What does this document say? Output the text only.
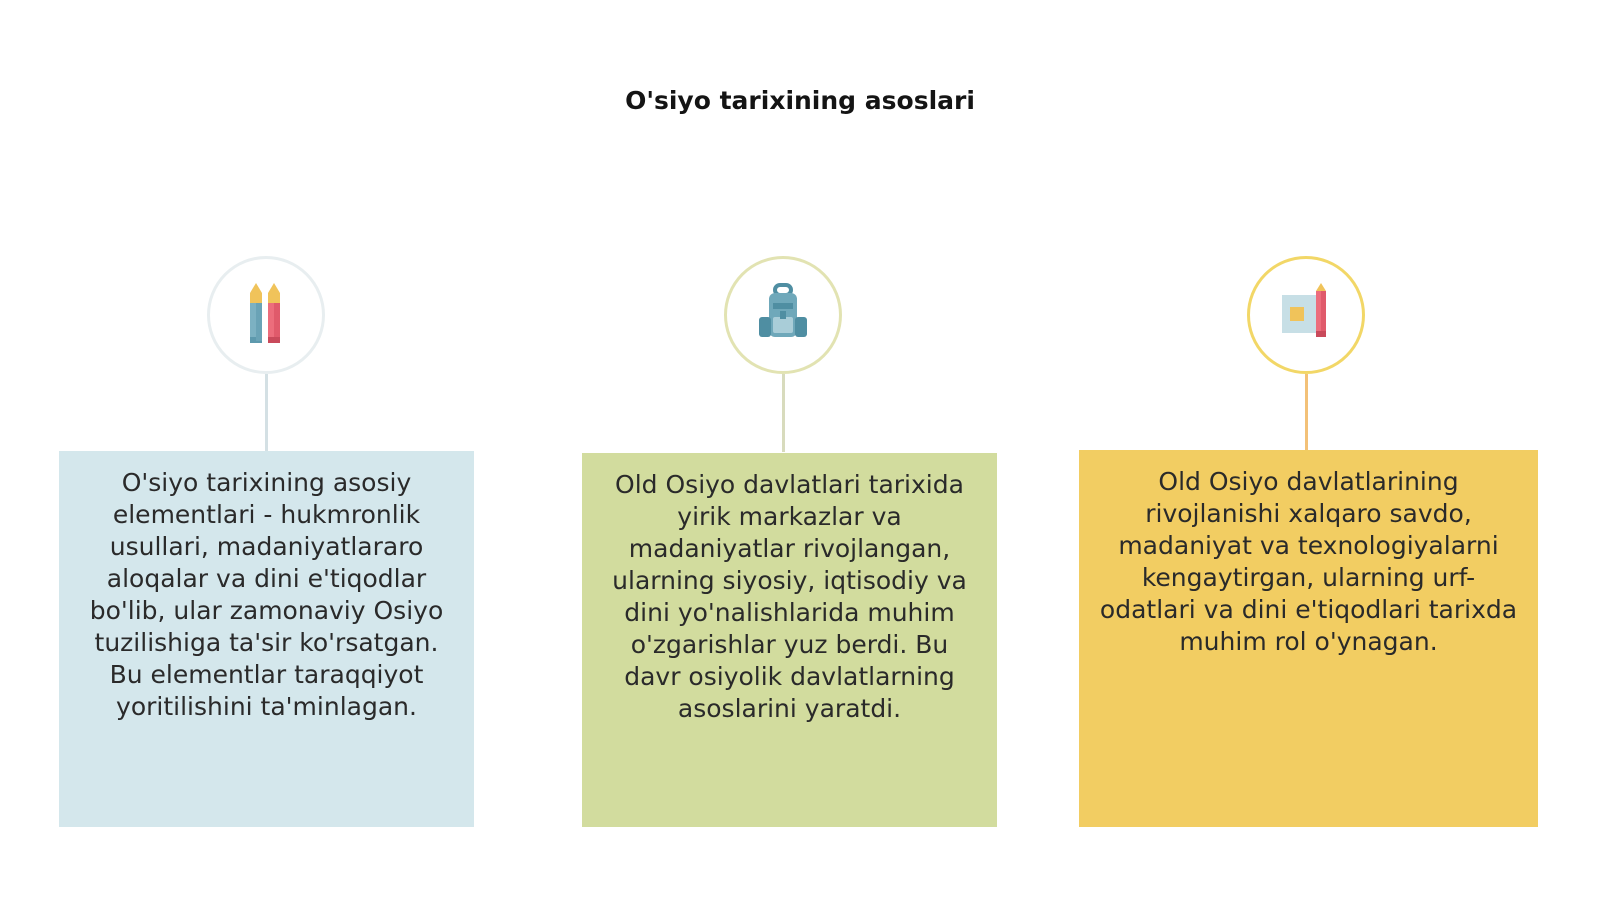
O'siyo tarixining asoslari
O'siyo tarixining asosiy elementlari - hukmronlik usullari, madaniyatlararo aloqalar va dini e'tiqodlar bo'lib, ular zamonaviy Osiyo tuzilishiga ta'sir ko'rsatgan. Bu elementlar taraqqiyot yoritilishini ta'minlagan.
Old Osiyo davlatlari tarixida yirik markazlar va madaniyatlar rivojlangan, ularning siyosiy, iqtisodiy va dini yo'nalishlarida muhim o'zgarishlar yuz berdi. Bu davr osiyolik davlatlarning asoslarini yaratdi.
Old Osiyo davlatlarining rivojlanishi xalqaro savdo, madaniyat va texnologiyalarni kengaytirgan, ularning urf-odatlari va dini e'tiqodlari tarixda muhim rol o'ynagan.
